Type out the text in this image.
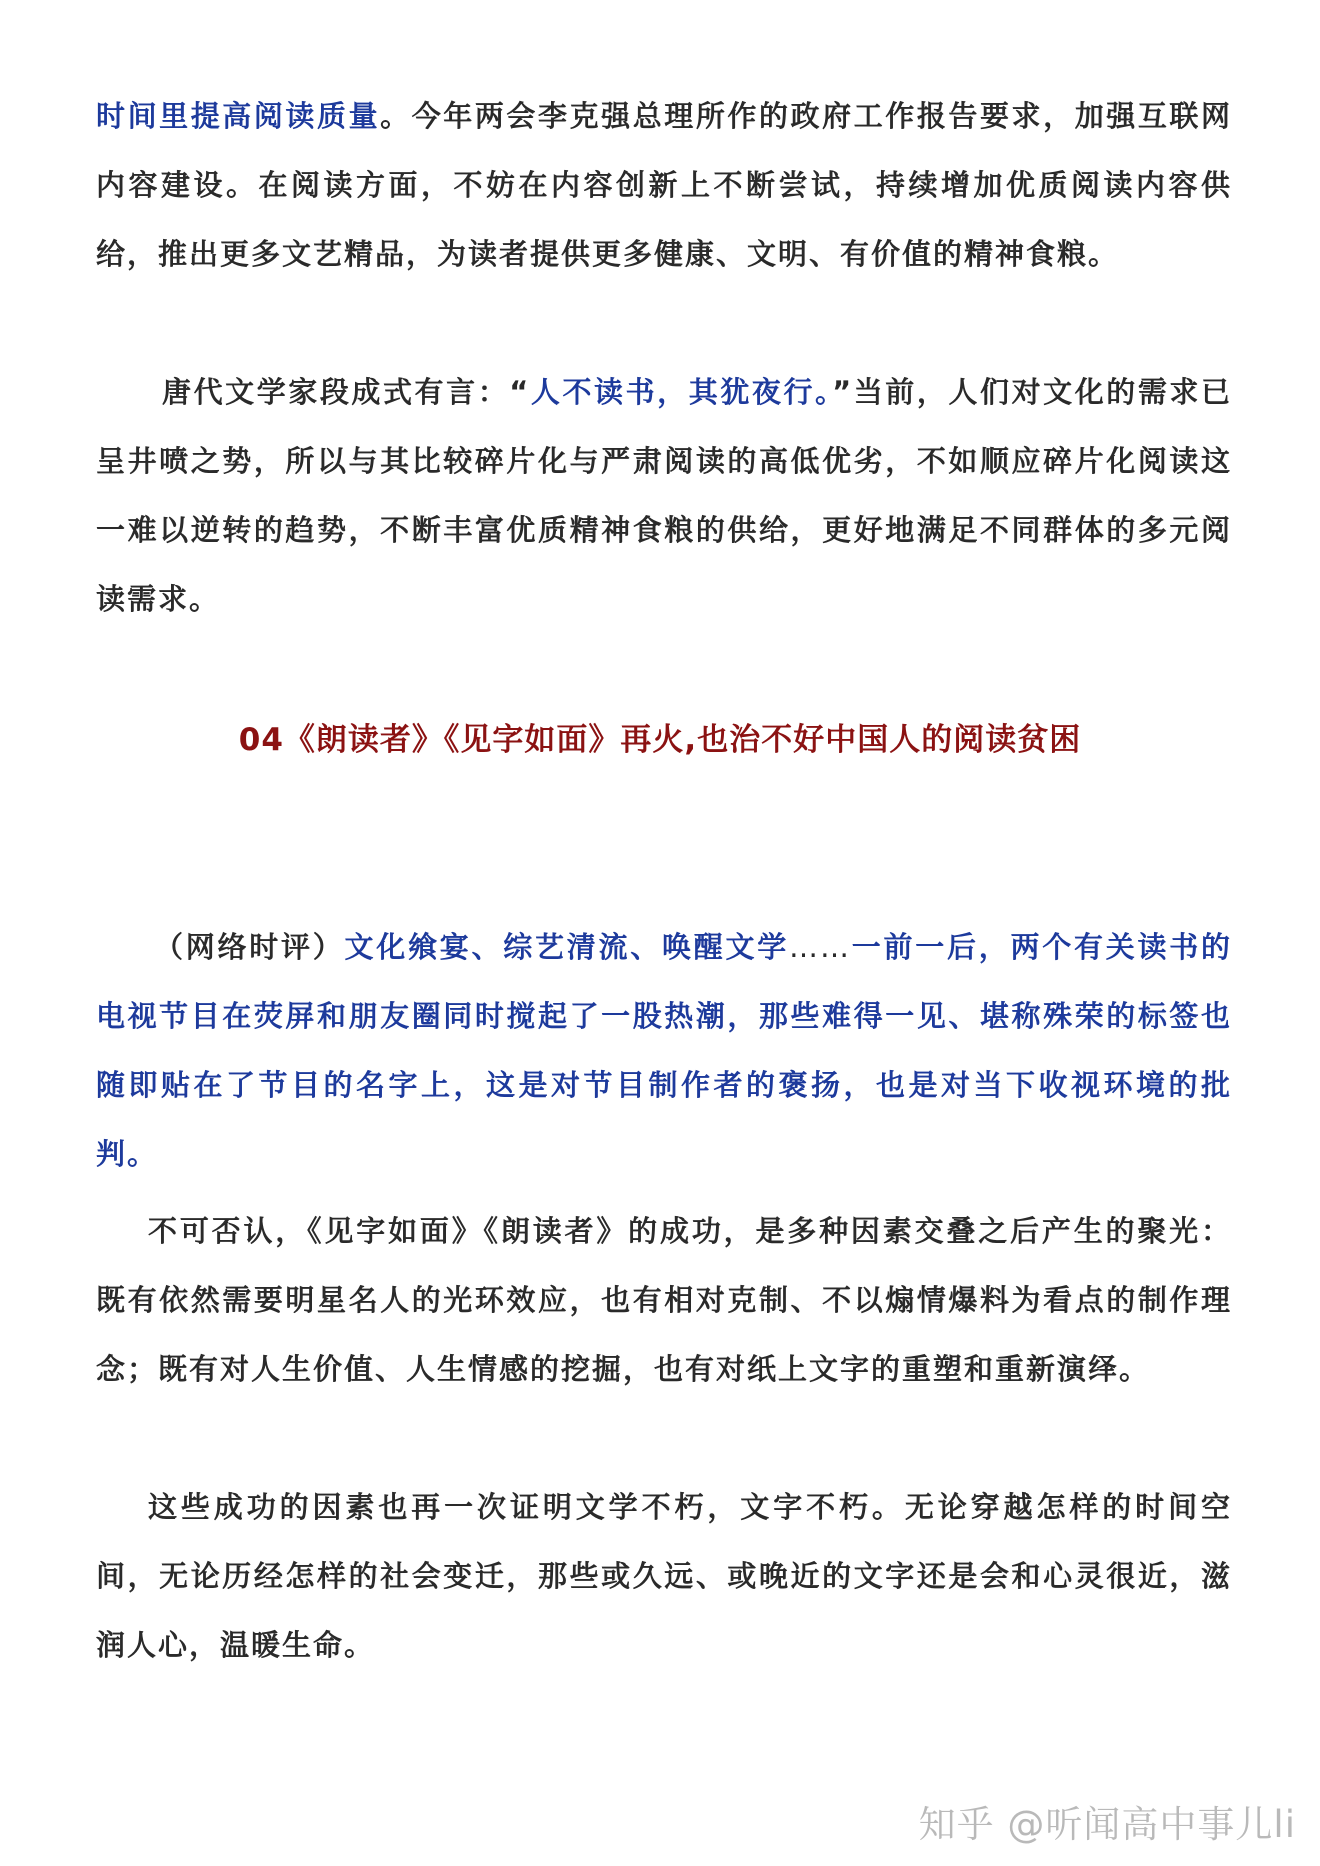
时间里提高阅读质量。今年两会李克强总理所作的政府工作报告要求，加强互联网内容建设。在阅读方面，不妨在内容创新上不断尝试，持续增加优质阅读内容供给，推出更多文艺精品，为读者提供更多健康、文明、有价值的精神食粮。

唐代文学家段成式有言：“人不读书，其犹夜行。”当前，人们对文化的需求已呈井喷之势，所以与其比较碎片化与严肃阅读的高低优劣，不如顺应碎片化阅读这一难以逆转的趋势，不断丰富优质精神食粮的供给，更好地满足不同群体的多元阅读需求。

04《朗读者》《见字如面》再火,也治不好中国人的阅读贫困

（网络时评）文化飨宴、综艺清流、唤醒文学……一前一后，两个有关读书的电视节目在荧屏和朋友圈同时搅起了一股热潮，那些难得一见、堪称殊荣的标签也随即贴在了节目的名字上，这是对节目制作者的褒扬，也是对当下收视环境的批判。

不可否认，《见字如面》《朗读者》的成功，是多种因素交叠之后产生的聚光：既有依然需要明星名人的光环效应，也有相对克制、不以煽情爆料为看点的制作理念；既有对人生价值、人生情感的挖掘，也有对纸上文字的重塑和重新演绎。

这些成功的因素也再一次证明文学不朽，文字不朽。无论穿越怎样的时间空间，无论历经怎样的社会变迁，那些或久远、或晚近的文字还是会和心灵很近，滋润人心，温暖生命。

知乎 @听闻高中事儿li
